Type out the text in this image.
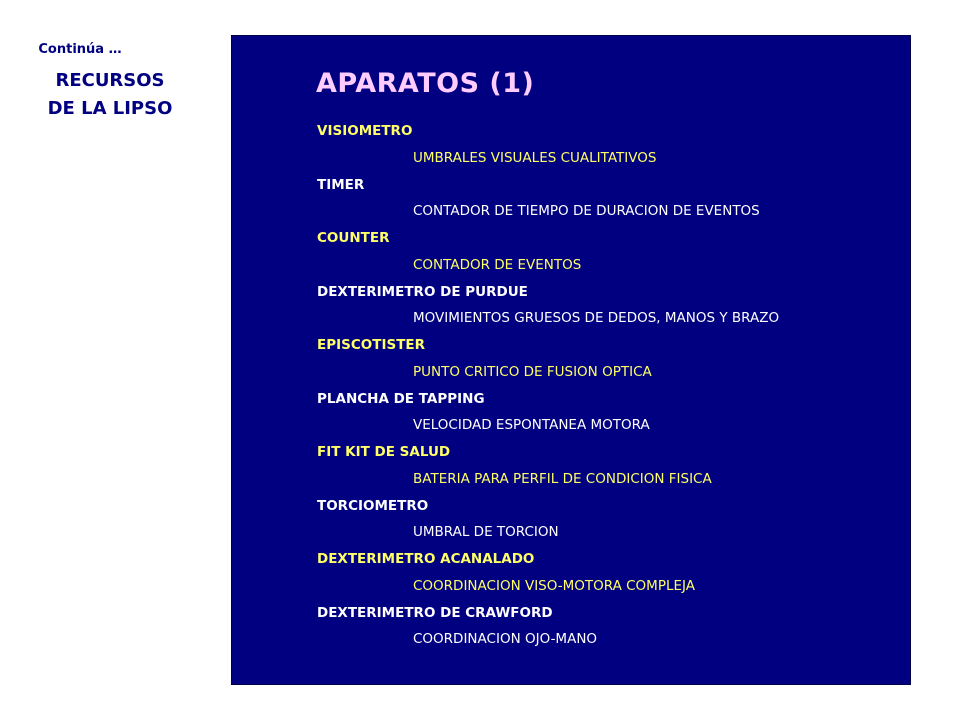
Continúa …
RECURSOS
DE LA LIPSO
APARATOS (1)
VISIOMETRO
UMBRALES VISUALES CUALITATIVOS
TIMER
CONTADOR DE TIEMPO DE DURACION DE EVENTOS
COUNTER
CONTADOR DE EVENTOS
DEXTERIMETRO DE PURDUE
MOVIMIENTOS GRUESOS DE DEDOS, MANOS Y BRAZO
EPISCOTISTER
PUNTO CRITICO DE FUSION OPTICA
PLANCHA DE TAPPING
VELOCIDAD ESPONTANEA MOTORA
FIT KIT DE SALUD
BATERIA PARA PERFIL DE CONDICION FISICA
TORCIOMETRO
UMBRAL DE TORCION
DEXTERIMETRO ACANALADO
COORDINACION VISO-MOTORA COMPLEJA
DEXTERIMETRO DE CRAWFORD
COORDINACION OJO-MANO
